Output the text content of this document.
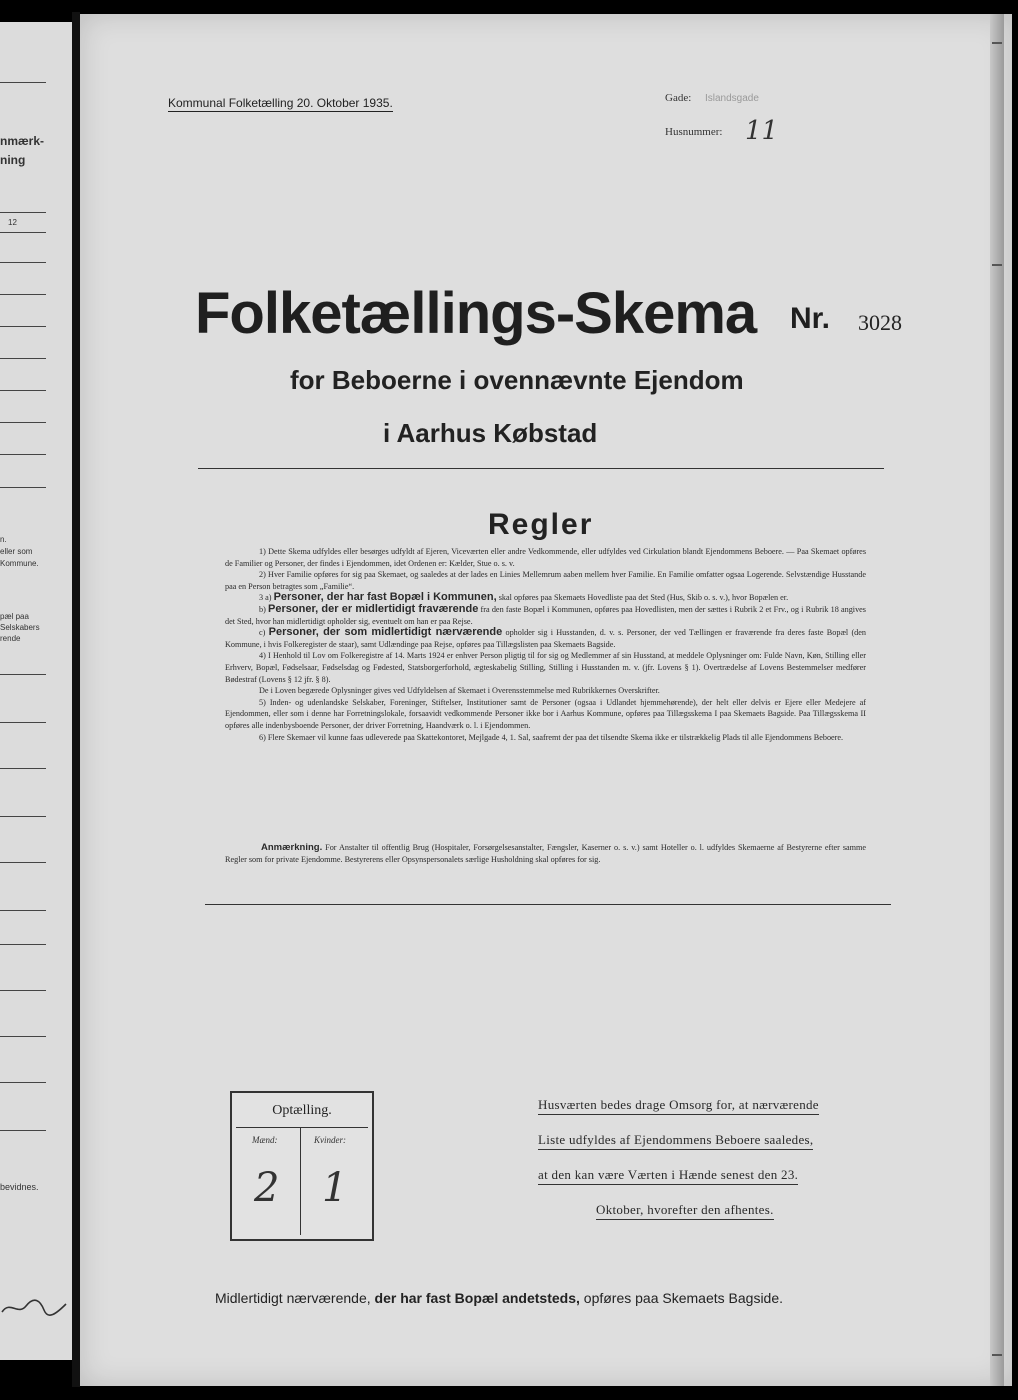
nmærk-
ning
12
n.
eller som
Kommune.
pæl paa
Selskabers
rende
bevidnes.
Kommunal Folketælling 20. Oktober 1935.	Gade: Islandsgade
Husnummer: 11
Folketællings-Skema Nr. 3028
for Beboerne i ovennævnte Ejendom
i Aarhus Købstad
Regler

1) Dette Skema udfyldes eller besørges udfyldt af Ejeren, Viceværten eller andre Vedkommende, eller udfyldes ved Cirkulation blandt Ejendommens Beboere. — Paa Skemaet opføres de Familier og Personer, der findes i Ejendommen, idet Ordenen er: Kælder, Stue o. s. v.

2) Hver Familie opføres for sig paa Skemaet, og saaledes at der lades en Linies Mellemrum aaben mellem hver Familie. En Familie omfatter ogsaa Logerende. Selvstændige Husstande paa en Person betragtes som „Familie“.

3 a) Personer, der har fast Bopæl i Kommunen, skal opføres paa Skemaets Hovedliste paa det Sted (Hus, Skib o. s. v.), hvor Bopælen er.

b) Personer, der er midlertidigt fraværende fra den faste Bopæl i Kommunen, opføres paa Hovedlisten, men der sættes i Rubrik 2 et Frv., og i Rubrik 18 angives det Sted, hvor han midlertidigt opholder sig, eventuelt om han er paa Rejse.

c) Personer, der som midlertidigt nærværende opholder sig i Husstanden, d. v. s. Personer, der ved Tællingen er fraværende fra deres faste Bopæl (den Kommune, i hvis Folkeregister de staar), samt Udlændinge paa Rejse, opføres paa Tillægslisten paa Skemaets Bagside.

4) I Henhold til Lov om Folkeregistre af 14. Marts 1924 er enhver Person pligtig til for sig og Medlemmer af sin Husstand, at meddele Oplysninger om: Fulde Navn, Køn, Stilling eller Erhverv, Bopæl, Fødselsaar, Fødselsdag og Fødested, Statsborgerforhold, ægteskabelig Stilling, Stilling i Husstanden m. v. (jfr. Lovens § 1). Overtrædelse af Lovens Bestemmelser medfører Bødestraf (Lovens § 12 jfr. § 8).

De i Loven begærede Oplysninger gives ved Udfyldelsen af Skemaet i Overensstemmelse med Rubrikkernes Overskrifter.

5) Inden- og udenlandske Selskaber, Foreninger, Stiftelser, Institutioner samt de Personer (ogsaa i Udlandet hjemmehørende), der helt eller delvis er Ejere eller Medejere af Ejendommen, eller som i denne har Forretningslokale, forsaavidt vedkommende Personer ikke bor i Aarhus Kommune, opføres paa Tillægsskema I paa Skemaets Bagside. Paa Tillægsskema II opføres alle indenbysboende Personer, der driver Forretning, Haandværk o. l. i Ejendommen.

6) Flere Skemaer vil kunne faas udleverede paa Skattekontoret, Mejlgade 4, 1. Sal, saafremt der paa det tilsendte Skema ikke er tilstrækkelig Plads til alle Ejendommens Beboere.

Anmærkning. For Anstalter til offentlig Brug (Hospitaler, Forsørgelsesanstalter, Fængsler, Kaserner o. s. v.) samt Hoteller o. l. udfyldes Skemaerne af Bestyrerne efter samme Regler som for private Ejendomme. Bestyrerens eller Opsynspersonalets særlige Husholdning skal opføres for sig.

Optælling.
Mænd:	Kvinder:
2 1
Husværten bedes drage Omsorg for, at nærværende
Liste udfyldes af Ejendommens Beboere saaledes,
at den kan være Værten i Hænde senest den 23.
Oktober, hvorefter den afhentes.
Midlertidigt nærværende, der har fast Bopæl andetsteds, opføres paa Skemaets Bagside.
